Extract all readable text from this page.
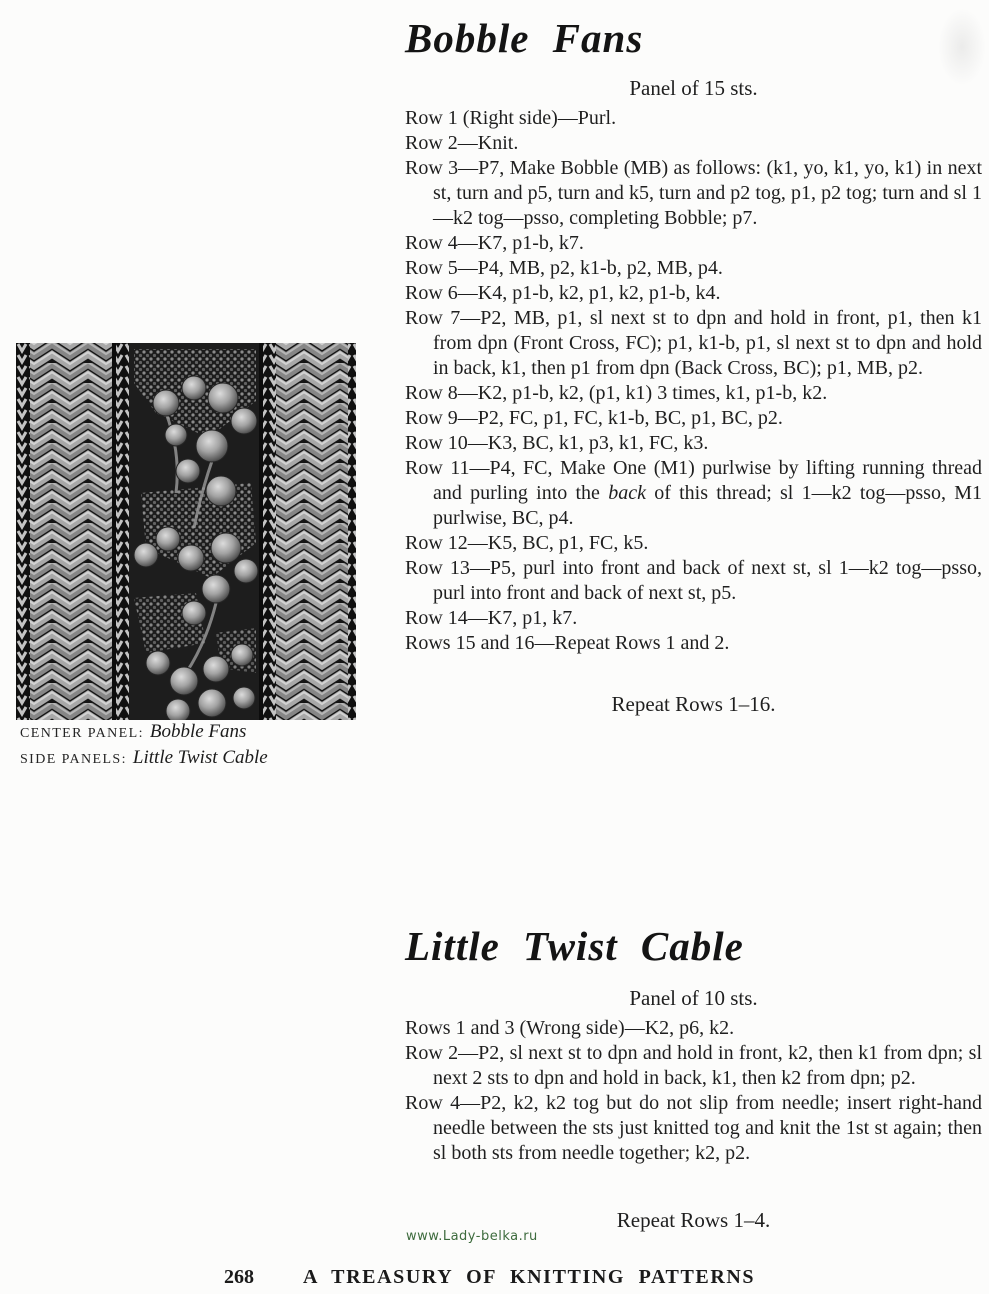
Bobble Fans
Panel of 15 sts.

Row 1 (Right side)—Purl.

Row 2—Knit.

Row 3—P7, Make Bobble (MB) as follows: (k1, yo, k1, yo, k1) in next st, turn and p5, turn and k5, turn and p2 tog, p1, p2 tog; turn and sl 1—k2 tog—psso, completing Bobble; p7.

Row 4—K7, p1-b, k7.

Row 5—P4, MB, p2, k1-b, p2, MB, p4.

Row 6—K4, p1-b, k2, p1, k2, p1-b, k4.

Row 7—P2, MB, p1, sl next st to dpn and hold in front, p1, then k1 from dpn (Front Cross, FC); p1, k1-b, p1, sl next st to dpn and hold in back, k1, then p1 from dpn (Back Cross, BC); p1, MB, p2.

Row 8—K2, p1-b, k2, (p1, k1) 3 times, k1, p1-b, k2.

Row 9—P2, FC, p1, FC, k1-b, BC, p1, BC, p2.

Row 10—K3, BC, k1, p3, k1, FC, k3.

Row 11—P4, FC, Make One (M1) purlwise by lifting running thread and purling into the back of this thread; sl 1—k2 tog—psso, M1 purlwise, BC, p4.

Row 12—K5, BC, p1, FC, k5.

Row 13—P5, purl into front and back of next st, sl 1—k2 tog—psso, purl into front and back of next st, p5.

Row 14—K7, p1, k7.

Rows 15 and 16—Repeat Rows 1 and 2.

Repeat Rows 1–16.

CENTER PANEL: Bobble Fans

SIDE PANELS: Little Twist Cable

Little Twist Cable
Panel of 10 sts.

Rows 1 and 3 (Wrong side)—K2, p6, k2.

Row 2—P2, sl next st to dpn and hold in front, k2, then k1 from dpn; sl next 2 sts to dpn and hold in back, k1, then k2 from dpn; p2.

Row 4—P2, k2, k2 tog but do not slip from needle; insert right-hand needle between the sts just knitted tog and knit the 1st st again; then sl both sts from needle together; k2, p2.

Repeat Rows 1–4.
www.Lady-belka.ru
268 A TREASURY OF KNITTING PATTERNS
